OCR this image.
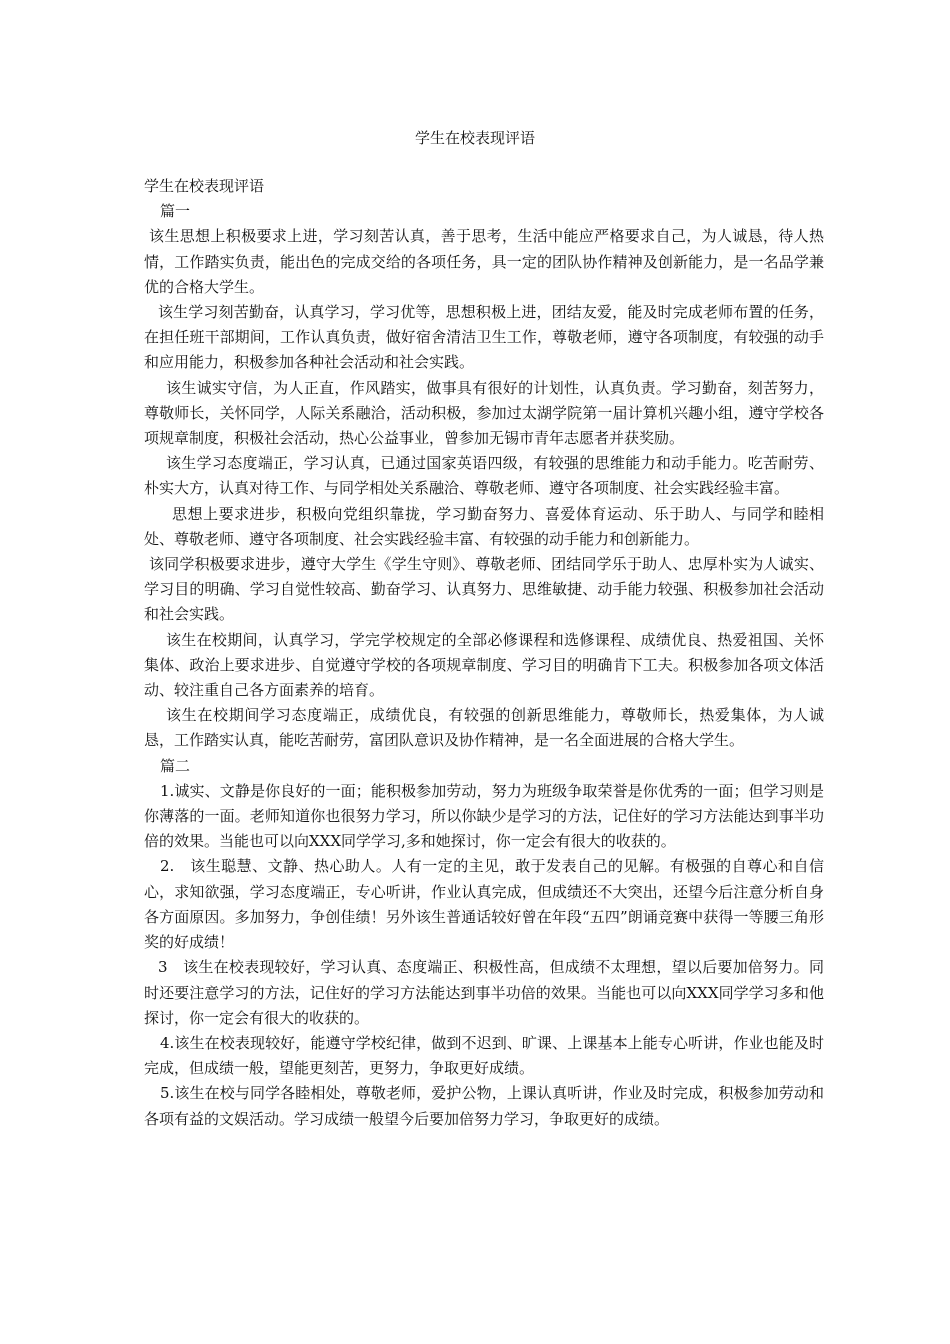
学生在校表现评语

学生在校表现评语

篇一

该生思想上积极要求上进，学习刻苦认真，善于思考，生活中能应严格要求自己，为人诚恳，待人热情，工作踏实负责，能出色的完成交给的各项任务，具一定的团队协作精神及创新能力，是一名品学兼优的合格大学生。

该生学习刻苦勤奋，认真学习，学习优等，思想积极上进，团结友爱，能及时完成老师布置的任务，在担任班干部期间，工作认真负责，做好宿舍清洁卫生工作，尊敬老师，遵守各项制度，有较强的动手和应用能力，积极参加各种社会活动和社会实践。

该生诚实守信，为人正直，作风踏实，做事具有很好的计划性，认真负责。学习勤奋，刻苦努力，尊敬师长，关怀同学，人际关系融洽，活动积极，参加过太湖学院第一届计算机兴趣小组，遵守学校各项规章制度，积极社会活动，热心公益事业，曾参加无锡市青年志愿者并获奖励。

该生学习态度端正，学习认真，已通过国家英语四级，有较强的思维能力和动手能力。吃苦耐劳、朴实大方，认真对待工作、与同学相处关系融洽、尊敬老师、遵守各项制度、社会实践经验丰富。

思想上要求进步，积极向党组织靠拢，学习勤奋努力、喜爱体育运动、乐于助人、与同学和睦相处、尊敬老师、遵守各项制度、社会实践经验丰富、有较强的动手能力和创新能力。

该同学积极要求进步，遵守大学生《学生守则》、尊敬老师、团结同学乐于助人、忠厚朴实为人诚实、学习目的明确、学习自觉性较高、勤奋学习、认真努力、思维敏捷、动手能力较强、积极参加社会活动和社会实践。

该生在校期间，认真学习，学完学校规定的全部必修课程和选修课程、成绩优良、热爱祖国、关怀集体、政治上要求进步、自觉遵守学校的各项规章制度、学习目的明确肯下工夫。积极参加各项文体活动、较注重自己各方面素养的培育。

该生在校期间学习态度端正，成绩优良，有较强的创新思维能力，尊敬师长，热爱集体，为人诚恳，工作踏实认真，能吃苦耐劳，富团队意识及协作精神，是一名全面进展的合格大学生。

篇二

1.诚实、文静是你良好的一面；能积极参加劳动，努力为班级争取荣誉是你优秀的一面；但学习则是你薄落的一面。老师知道你也很努力学习，所以你缺少是学习的方法，记住好的学习方法能达到事半功倍的效果。当能也可以向XXX同学学习,多和她探讨，你一定会有很大的收获的。

2.　该生聪慧、文静、热心助人。人有一定的主见，敢于发表自己的见解。有极强的自尊心和自信心，求知欲强，学习态度端正，专心听讲，作业认真完成，但成绩还不大突出，还望今后注意分析自身各方面原因。多加努力，争创佳绩！另外该生普通话较好曾在年段“五四”朗诵竞赛中获得一等腰三角形奖的好成绩！

3　该生在校表现较好，学习认真、态度端正、积极性高，但成绩不太理想，望以后要加倍努力。同时还要注意学习的方法，记住好的学习方法能达到事半功倍的效果。当能也可以向XXX同学学习多和他探讨，你一定会有很大的收获的。

4.该生在校表现较好，能遵守学校纪律，做到不迟到、旷课、上课基本上能专心听讲，作业也能及时完成，但成绩一般，望能更刻苦，更努力，争取更好成绩。

5.该生在校与同学各睦相处，尊敬老师，爱护公物，上课认真听讲，作业及时完成，积极参加劳动和各项有益的文娱活动。学习成绩一般望今后要加倍努力学习，争取更好的成绩。
